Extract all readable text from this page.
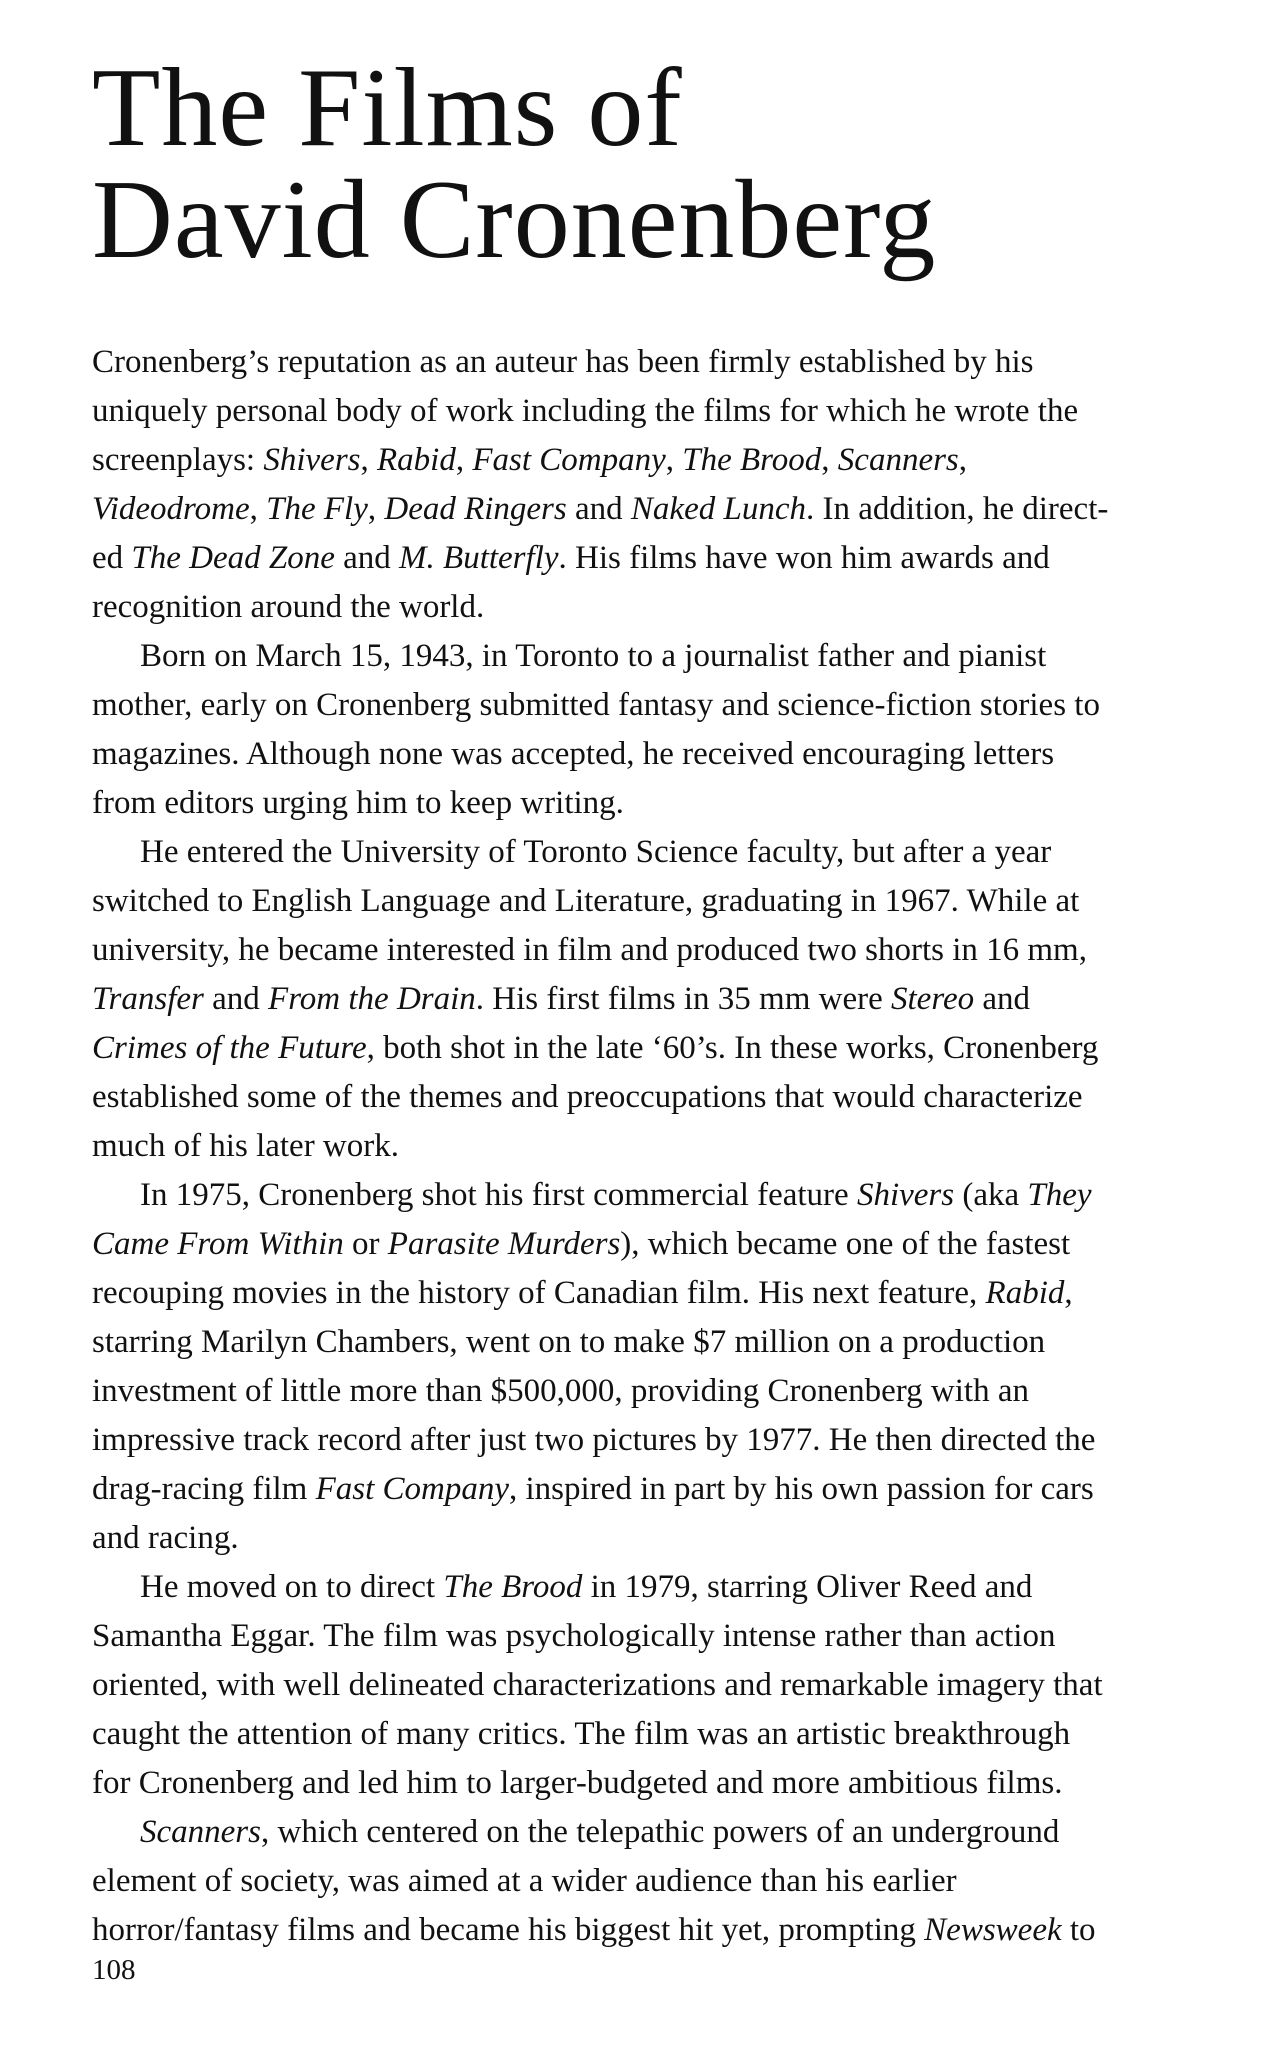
The Films of
David Cronenberg
Cronenberg’s reputation as an auteur has been firmly established by his
uniquely personal body of work including the films for which he wrote the
screenplays: Shivers, Rabid, Fast Company, The Brood, Scanners,
Videodrome, The Fly, Dead Ringers and Naked Lunch. In addition, he direct-
ed The Dead Zone and M. Butterfly. His films have won him awards and
recognition around the world.
Born on March 15, 1943, in Toronto to a journalist father and pianist
mother, early on Cronenberg submitted fantasy and science-fiction stories to
magazines. Although none was accepted, he received encouraging letters
from editors urging him to keep writing.
He entered the University of Toronto Science faculty, but after a year
switched to English Language and Literature, graduating in 1967. While at
university, he became interested in film and produced two shorts in 16 mm,
Transfer and From the Drain. His first films in 35 mm were Stereo and
Crimes of the Future, both shot in the late ‘60’s. In these works, Cronenberg
established some of the themes and preoccupations that would characterize
much of his later work.
In 1975, Cronenberg shot his first commercial feature Shivers (aka They
Came From Within or Parasite Murders), which became one of the fastest
recouping movies in the history of Canadian film. His next feature, Rabid,
starring Marilyn Chambers, went on to make $7 million on a production
investment of little more than $500,000, providing Cronenberg with an
impressive track record after just two pictures by 1977. He then directed the
drag-racing film Fast Company, inspired in part by his own passion for cars
and racing.
He moved on to direct The Brood in 1979, starring Oliver Reed and
Samantha Eggar. The film was psychologically intense rather than action
oriented, with well delineated characterizations and remarkable imagery that
caught the attention of many critics. The film was an artistic breakthrough
for Cronenberg and led him to larger-budgeted and more ambitious films.
Scanners, which centered on the telepathic powers of an underground
element of society, was aimed at a wider audience than his earlier
horror/fantasy films and became his biggest hit yet, prompting Newsweek to
108
